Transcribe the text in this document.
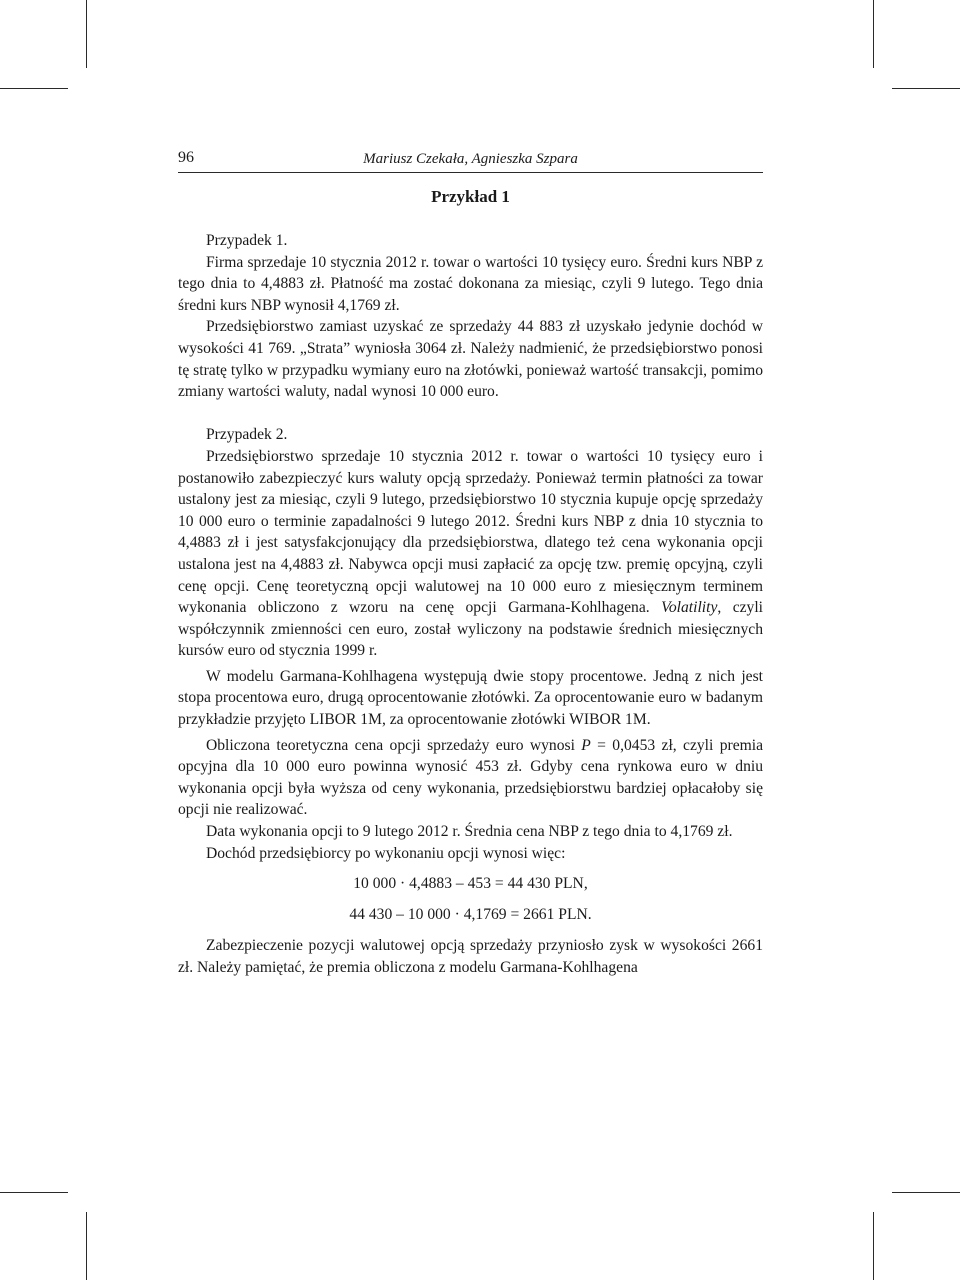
96	Mariusz Czekała, Agnieszka Szpara
Przykład 1

Przypadek 1.

Firma sprzedaje 10 stycznia 2012 r. towar o wartości 10 tysięcy euro. Średni kurs NBP z tego dnia to 4,4883 zł. Płatność ma zostać dokonana za miesiąc, czyli 9 lutego. Tego dnia średni kurs NBP wynosił 4,1769 zł.

Przedsiębiorstwo zamiast uzyskać ze sprzedaży 44 883 zł uzyskało jedynie dochód w wysokości 41 769. „Strata” wyniosła 3064 zł. Należy nadmienić, że przedsiębiorstwo ponosi tę stratę tylko w przypadku wymiany euro na złotówki, ponieważ wartość transakcji, pomimo zmiany wartości waluty, nadal wynosi 10 000 euro.

Przypadek 2.

Przedsiębiorstwo sprzedaje 10 stycznia 2012 r. towar o wartości 10 tysięcy euro i postanowiło zabezpieczyć kurs waluty opcją sprzedaży. Ponieważ termin płatności za towar ustalony jest za miesiąc, czyli 9 lutego, przedsiębiorstwo 10 stycznia kupuje opcję sprzedaży 10 000 euro o terminie zapadalności 9 lutego 2012. Średni kurs NBP z dnia 10 stycznia to 4,4883 zł i jest satysfakcjonujący dla przedsiębiorstwa, dlatego też cena wykonania opcji ustalona jest na 4,4883 zł. Nabywca opcji musi zapłacić za opcję tzw. premię opcyjną, czyli cenę opcji. Cenę teoretyczną opcji walutowej na 10 000 euro z miesięcznym terminem wykonania obliczono z wzoru na cenę opcji Garmana-Kohlhagena. Volatility, czyli współczynnik zmienności cen euro, został wyliczony na podstawie średnich miesięcznych kursów euro od stycznia 1999 r.

W modelu Garmana-Kohlhagena występują dwie stopy procentowe. Jedną z nich jest stopa procentowa euro, drugą oprocentowanie złotówki. Za oprocentowanie euro w badanym przykładzie przyjęto LIBOR 1M, za oprocentowanie złotówki WIBOR 1M.

Obliczona teoretyczna cena opcji sprzedaży euro wynosi P = 0,0453 zł, czyli premia opcyjna dla 10 000 euro powinna wynosić 453 zł. Gdyby cena rynkowa euro w dniu wykonania opcji była wyższa od ceny wykonania, przedsiębiorstwu bardziej opłacałoby się opcji nie realizować.

Data wykonania opcji to 9 lutego 2012 r. Średnia cena NBP z tego dnia to 4,1769 zł.

Dochód przedsiębiorcy po wykonaniu opcji wynosi więc:

10 000 · 4,4883 – 453 = 44 430 PLN,
44 430 – 10 000 · 4,1769 = 2661 PLN.

Zabezpieczenie pozycji walutowej opcją sprzedaży przyniosło zysk w wysokości 2661 zł. Należy pamiętać, że premia obliczona z modelu Garmana-Kohlhagena
